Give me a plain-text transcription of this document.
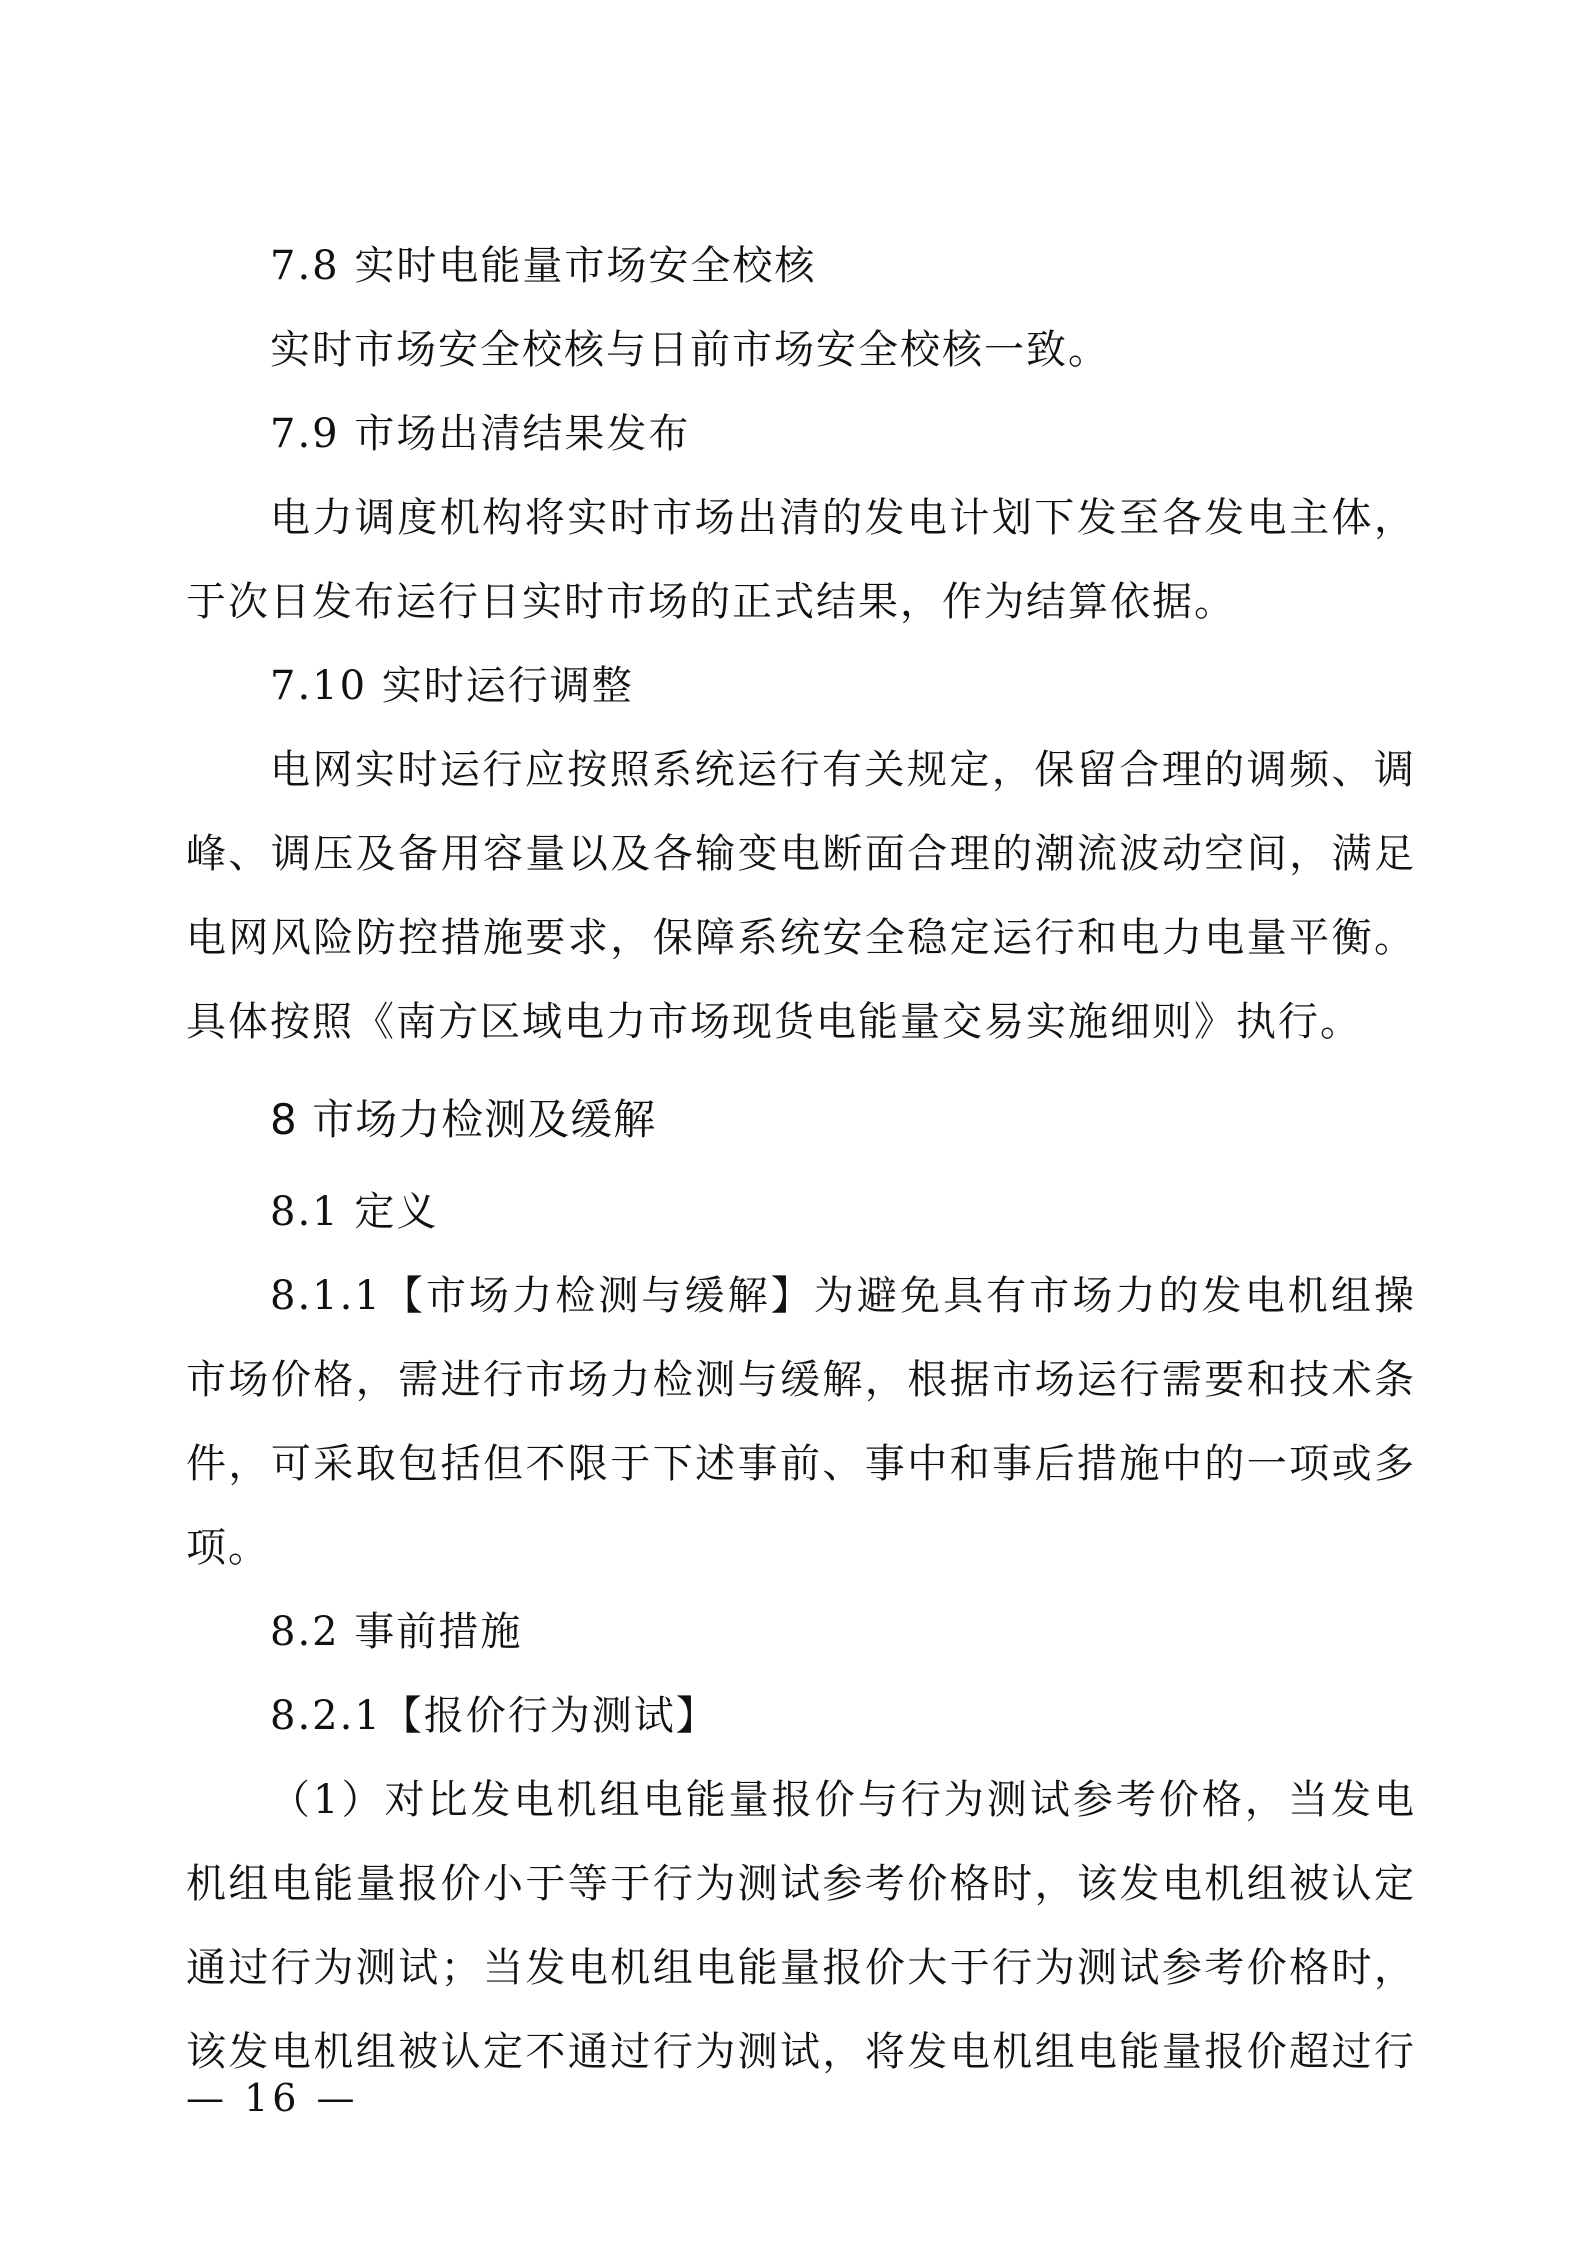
7.8 实时电能量市场安全校核
实时市场安全校核与日前市场安全校核一致。
7.9 市场出清结果发布
电力调度机构将实时市场出清的发电计划下发至各发电主体，
于次日发布运行日实时市场的正式结果，作为结算依据。
7.10 实时运行调整
电网实时运行应按照系统运行有关规定，保留合理的调频、调
峰、调压及备用容量以及各输变电断面合理的潮流波动空间，满足
电网风险防控措施要求，保障系统安全稳定运行和电力电量平衡。
具体按照《南方区域电力市场现货电能量交易实施细则》执行。
8 市场力检测及缓解
8.1 定义
8.1.1【市场力检测与缓解】为避免具有市场力的发电机组操
市场价格，需进行市场力检测与缓解，根据市场运行需要和技术条
件，可采取包括但不限于下述事前、事中和事后措施中的一项或多
项。
8.2 事前措施
8.2.1【报价行为测试】
（1）对比发电机组电能量报价与行为测试参考价格，当发电
机组电能量报价小于等于行为测试参考价格时，该发电机组被认定
通过行为测试；当发电机组电能量报价大于行为测试参考价格时，
该发电机组被认定不通过行为测试，将发电机组电能量报价超过行
— 16 —
